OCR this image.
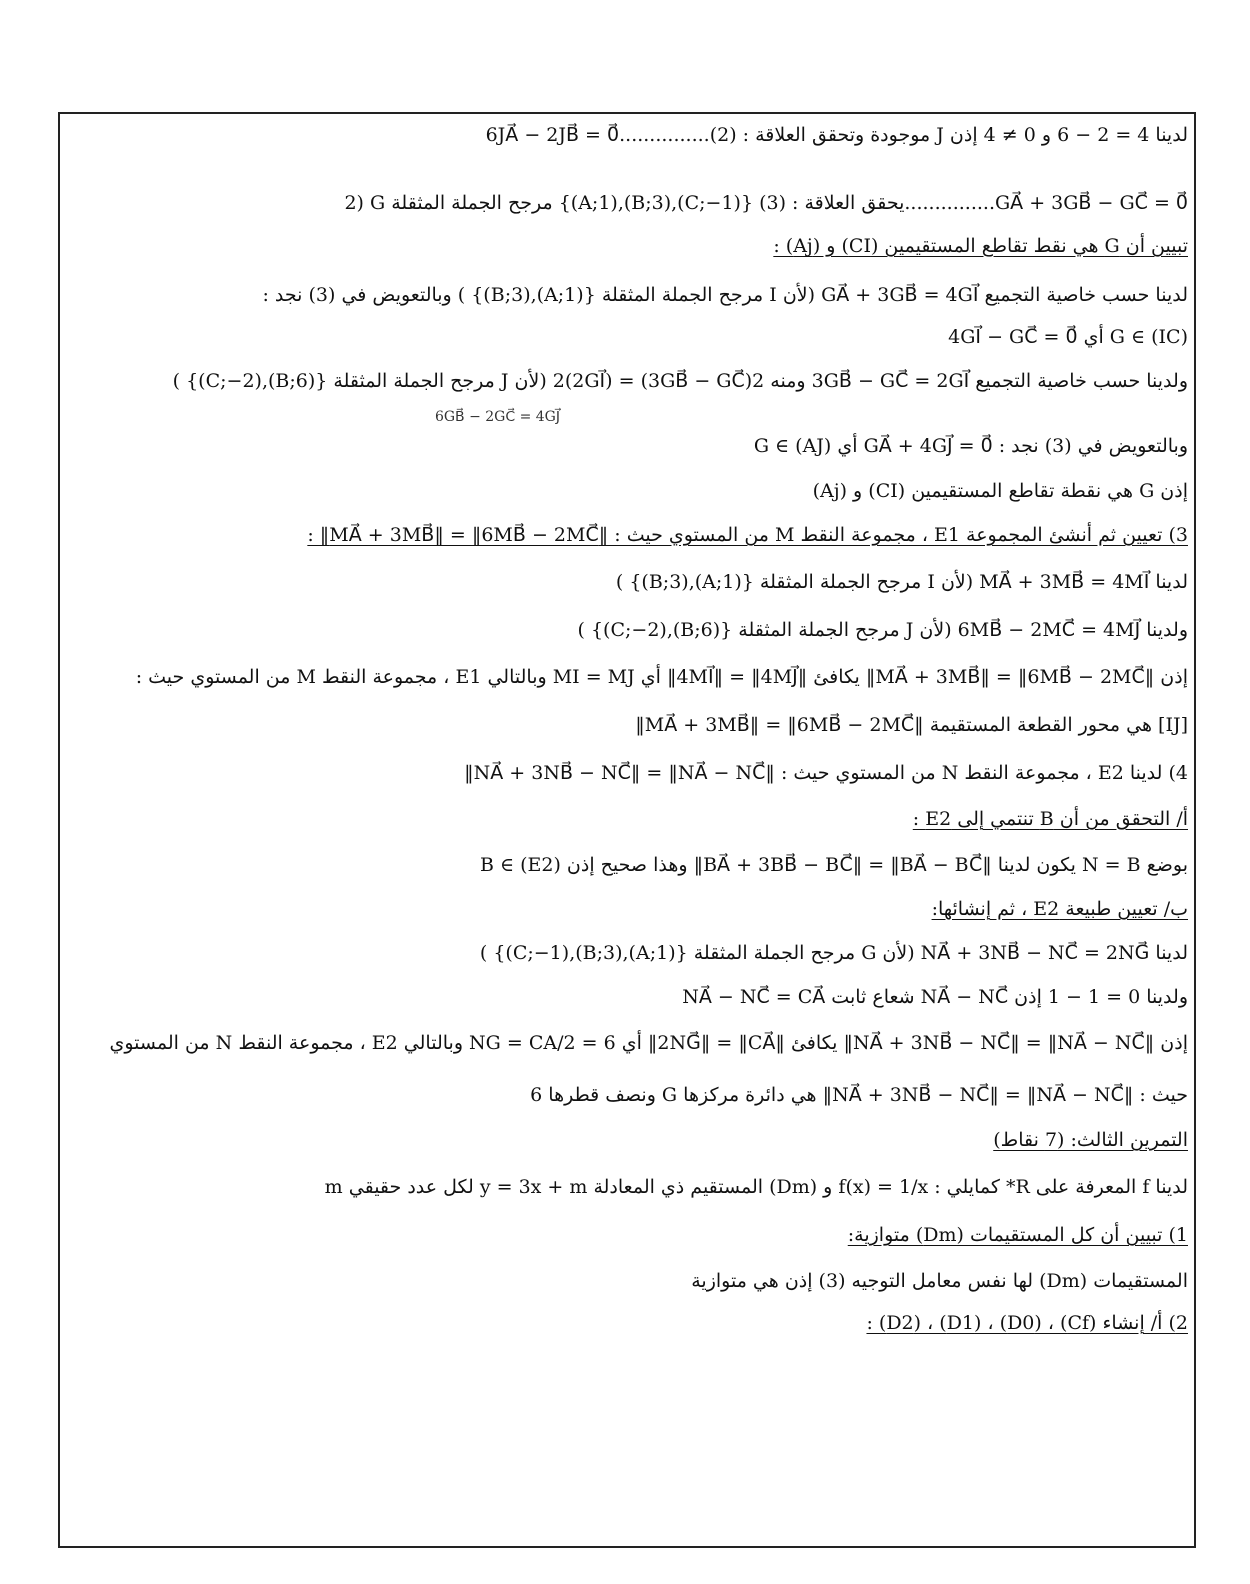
لدينا 4 = 2 − 6 و 0 ≠ 4 إذن J موجودة وتحقق العلاقة : (2)...............6JA⃗ − 2JB⃗ = 0⃗
2) G مرجح الجملة المثقلة {(A;1),(B;3),(C;−1)} يحقق العلاقة : (3)...............GA⃗ + 3GB⃗ − GC⃗ = 0⃗
تبيين أن G هي نقط تقاطع المستقيمين (CI) و (Aj) :
لدينا حسب خاصية التجميع GA⃗ + 3GB⃗ = 4GI⃗ (لأن I مرجح الجملة المثقلة {(A;1),(B;3)} ) وبالتعويض في (3) نجد :
4GI⃗ − GC⃗ = 0⃗ أي G ∈ (IC)
ولدينا حسب خاصية التجميع 3GB⃗ − GC⃗ = 2GI⃗ ومنه 2(3GB⃗ − GC⃗) = 2(2GI⃗) (لأن J مرجح الجملة المثقلة {(B;6),(C;−2)} )
6GB⃗ − 2GC⃗ = 4GJ⃗
وبالتعويض في (3) نجد : GA⃗ + 4GJ⃗ = 0⃗ أي G ∈ (AJ)
إذن G هي نقطة تقاطع المستقيمين (CI) و (Aj)
3) تعيين ثم أنشئ المجموعة E1 ، مجموعة النقط M من المستوي حيث : ‖MA⃗ + 3MB⃗‖ = ‖6MB⃗ − 2MC⃗‖ :
لدينا MA⃗ + 3MB⃗ = 4MI⃗ (لأن I مرجح الجملة المثقلة {(A;1),(B;3)} )
ولدينا 6MB⃗ − 2MC⃗ = 4MJ⃗ (لأن J مرجح الجملة المثقلة {(B;6),(C;−2)} )
إذن ‖MA⃗ + 3MB⃗‖ = ‖6MB⃗ − 2MC⃗‖ يكافئ ‖4MI⃗‖ = ‖4MJ⃗‖ أي MI = MJ وبالتالي E1 ، مجموعة النقط M من المستوي حيث :
‖MA⃗ + 3MB⃗‖ = ‖6MB⃗ − 2MC⃗‖ هي محور القطعة المستقيمة [IJ]
4) لدينا E2 ، مجموعة النقط N من المستوي حيث : ‖NA⃗ + 3NB⃗ − NC⃗‖ = ‖NA⃗ − NC⃗‖
أ/ التحقق من أن B تنتمي إلى E2 :
بوضع N = B يكون لدينا ‖BA⃗ + 3BB⃗ − BC⃗‖ = ‖BA⃗ − BC⃗‖ وهذا صحيح إذن B ∈ (E2)
ب/ تعيين طبيعة E2 ، ثم إنشائها:
لدينا NA⃗ + 3NB⃗ − NC⃗ = 2NG⃗ (لأن G مرجح الجملة المثقلة {(A;1),(B;3),(C;−1)} )
ولدينا 0 = 1 − 1 إذن NA⃗ − NC⃗ شعاع ثابت NA⃗ − NC⃗ = CA⃗
إذن ‖NA⃗ + 3NB⃗ − NC⃗‖ = ‖NA⃗ − NC⃗‖ يكافئ ‖2NG⃗‖ = ‖CA⃗‖ أي NG = CA/2 = 6 وبالتالي E2 ، مجموعة النقط N من المستوي
حيث : ‖NA⃗ + 3NB⃗ − NC⃗‖ = ‖NA⃗ − NC⃗‖ هي دائرة مركزها G ونصف قطرها 6
التمرين الثالث: (7 نقاط)
لدينا f المعرفة على R* كمايلي : f(x) = 1/x و (Dm) المستقيم ذي المعادلة y = 3x + m لكل عدد حقيقي m
1) تبيين أن كل المستقيمات (Dm) متوازية:
المستقيمات (Dm) لها نفس معامل التوجيه (3) إذن هي متوازية
2) أ/ إنشاء (Cf) ، (D0) ، (D1) ، (D2) :
